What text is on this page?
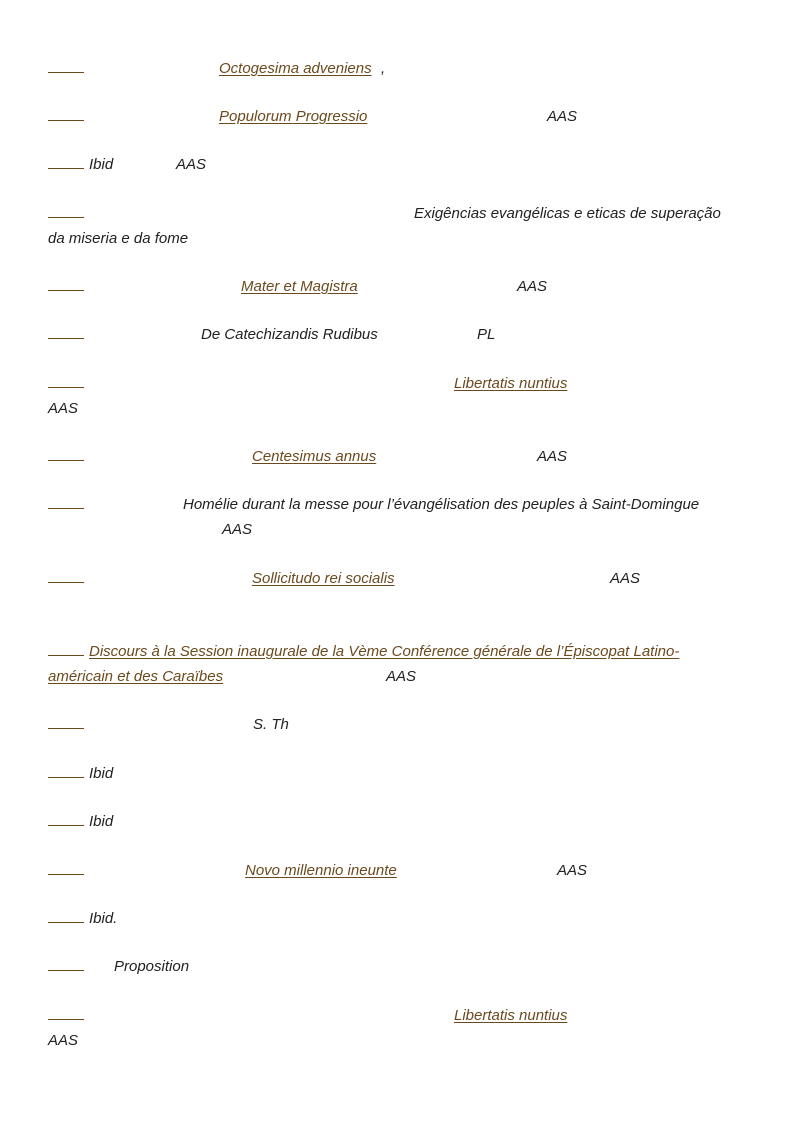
Octogesima adveniens ,
Populorum Progressio	AAS
Ibid	AAS
Exigências evangélicas e eticas de superação
da miseria e da fome
Mater et Magistra	AAS
De Catechizandis Rudibus	PL
Libertatis nuntius
AAS
Centesimus annus	AAS
Homélie durant la messe pour l’évangélisation des peuples à Saint-Domingue
AAS
Sollicitudo rei socialis	AAS
Discours à la Session inaugurale de la Vème Conférence générale de l’Épiscopat Latino-
américain et des Caraïbes	AAS
S. Th
Ibid
Ibid
Novo millennio ineunte	AAS
Ibid.
Proposition
Libertatis nuntius
AAS
